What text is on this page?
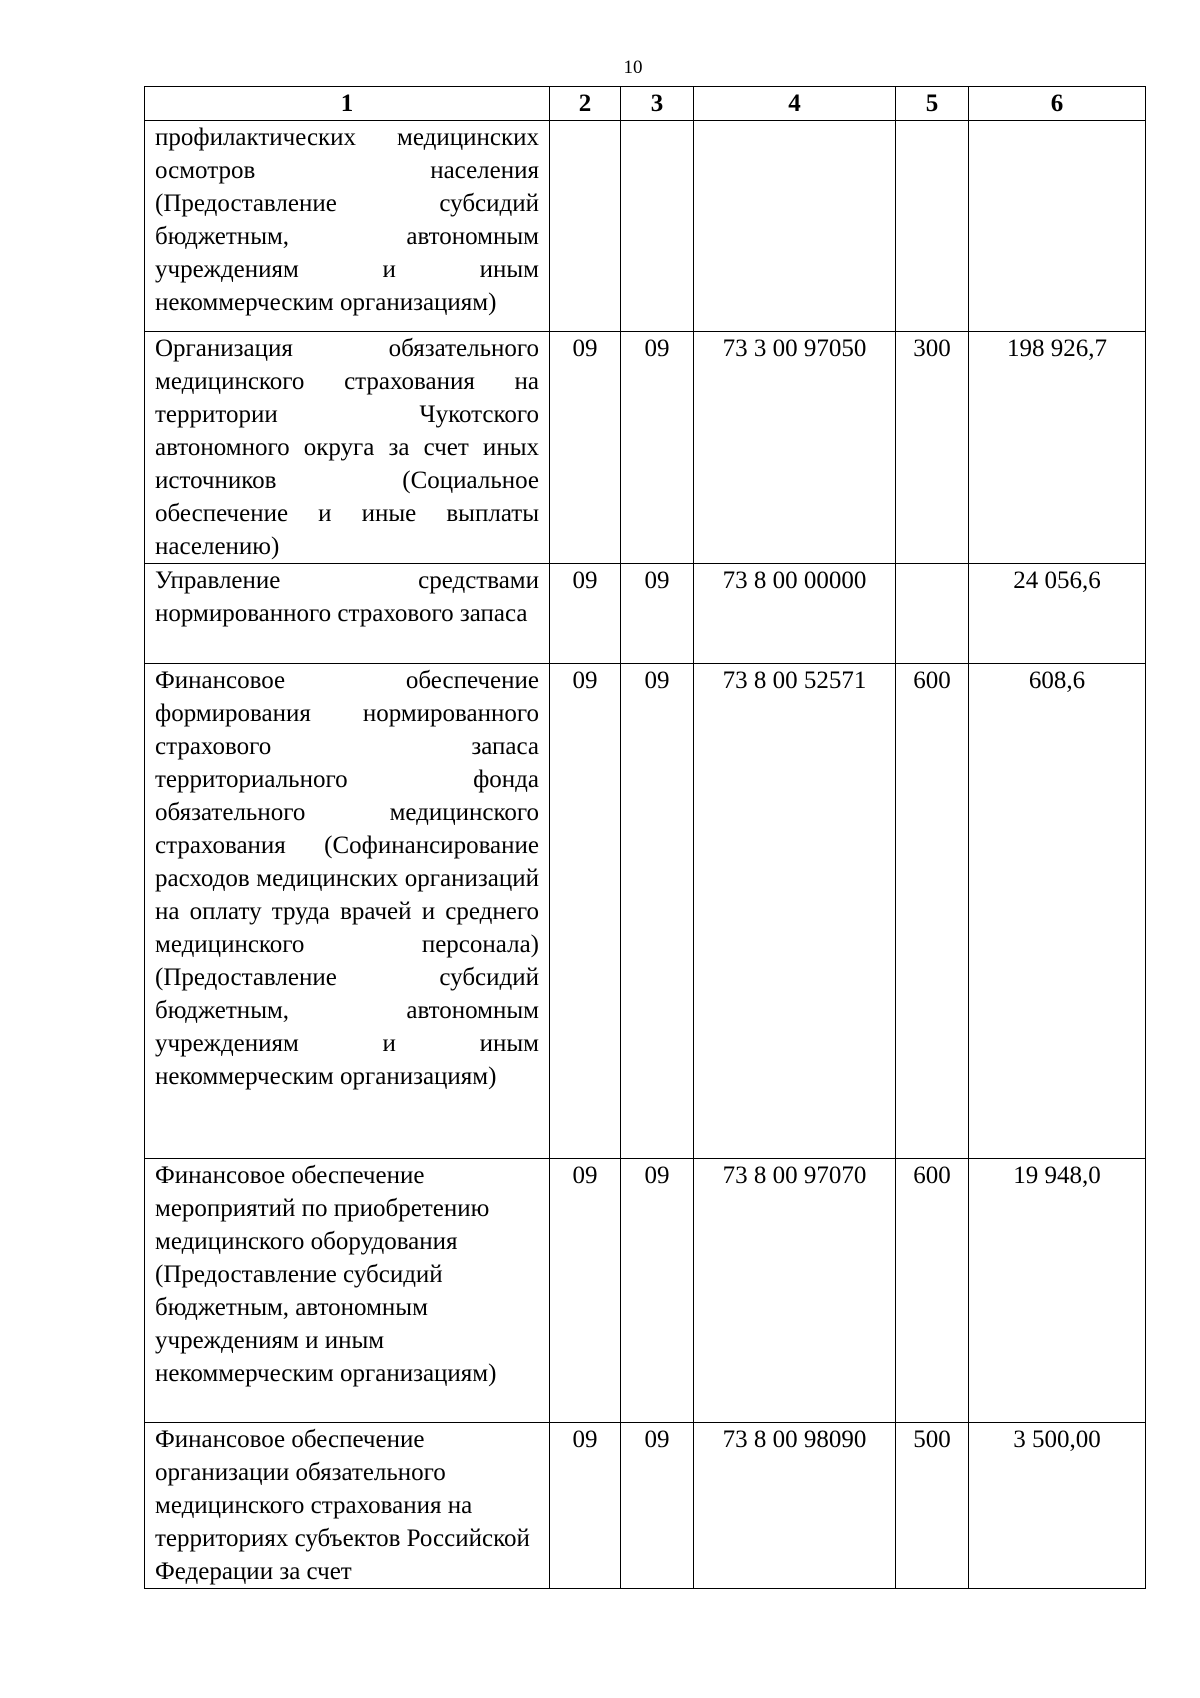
10
1	2	3	4	5	6
профилактических медицинских осмотров населения (Предоставление субсидий бюджетным, автономным учреждениям и иным некоммерческим организациям)					
Организация обязательного медицинского страхования на территории Чукотского автономного округа за счет иных источников (Социальное обеспечение и иные выплаты населению)	09	09	73 3 00 97050	300	198 926,7
Управление средствами нормированного страхового запаса	09	09	73 8 00 00000		24 056,6
Финансовое обеспечение формирования нормированного страхового запаса территориального фонда обязательного медицинского страхования (Софинансирование расходов медицинских организаций на оплату труда врачей и среднего медицинского персонала) (Предоставление субсидий бюджетным, автономным учреждениям и иным некоммерческим организациям)	09	09	73 8 00 52571	600	608,6
Финансовое обеспечение мероприятий по приобретению медицинского оборудования (Предоставление субсидий бюджетным, автономным учреждениям и иным некоммерческим организациям)	09	09	73 8 00 97070	600	19 948,0
Финансовое обеспечение организации обязательного медицинского страхования на территориях субъектов Российской Федерации за счет	09	09	73 8 00 98090	500	3 500,00
